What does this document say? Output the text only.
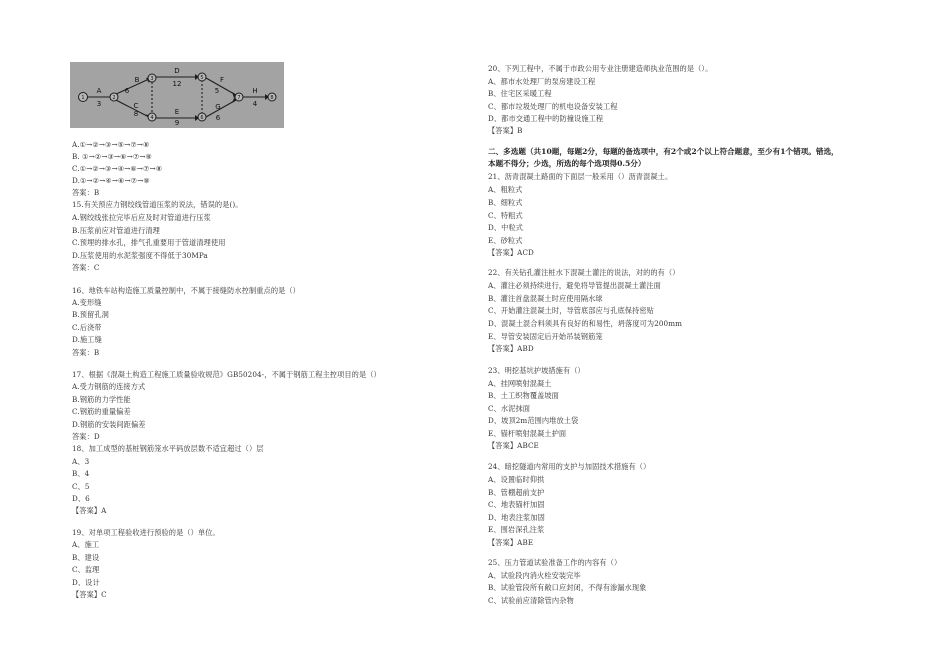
1	2
3
4
5
6
7	8
A
3
B
6
C
8
D
12
E
9
F
5
G
6
H
4
A.①→②→③→⑤→⑦→⑧
B. ①→②→③→⑥→⑦→⑧
C.①→②→③→④→⑥→⑦→⑧
D.①→②→④→⑥→⑦→⑧
答案：B
15.有关预应力钢绞线管道压浆的说法，错误的是()。
A.钢绞线张拉完毕后应及时对管道进行压浆
B.压浆前应对管道进行清理
C.预埋的排水孔，排气孔重要用于管道清理使用
D.压浆使用的水泥浆强度不得低于30MPa
答案：C
16、地铁车站构造施工质量控制中，不属于接缝防水控制重点的是（）
A.变形缝
B.预留孔洞
C.后浇带
D.施工缝
答案：B
17、根据《混凝土构造工程施工质量验收规范》GB50204-，不属于钢筋工程主控项目的是（）
A.受力钢筋的连接方式
B.钢筋的力学性能
C.钢筋的重量偏差
D.钢筋的安装间距偏差
答案：D
18、加工成型的基桩钢筋笼水平码放层数不适宜超过（）层
A、3
B、4
C、5
D、6
【答案】A
19、对单项工程验收进行预验的是（）单位。
A、施工
B、建设
C、监理
D、设计
【答案】C
20、下列工程中，不属于市政公用专业注册建造师执业范围的是（）。
A、都市水处理厂的泵房建设工程
B、住宅区采暖工程
C、都市垃圾处理厂的机电设备安装工程
D、都市交通工程中的防撞设施工程
【答案】B
二、多选题（共10题，每题2分，每题的备选项中，有2个或2个以上符合题意，至少有1个错项。错选，
本题不得分；少选，所选的每个选项得0.5分）
21、沥青混凝土路面的下面层一般采用（）沥青混凝土。
A、粗粒式
B、细粒式
C、特粗式
D、中粒式
E、砂粒式
【答案】ACD
22、有关钻孔灌注桩水下混凝土灌注的说法，对的的有（）
A、灌注必须持续进行，避免将导管提出混凝土灌注面
B、灌注首盘混凝土时应使用隔水球
C、开始灌注混凝土时，导管底部应与孔底保持密贴
D、混凝土混合料须具有良好的和易性，坍落度可为200mm
E、导管安装固定后开始吊装钢筋笼
【答案】ABD
23、明挖基坑护坡措施有（）
A、挂网喷射混凝土
B、土工织物覆盖坡面
C、水泥抹面
D、坡顶2m范围内堆放土袋
E、锚杆喷射混凝土护面
【答案】ABCE
24、暗挖隧道内常用的支护与加固技术措施有（）
A、设置临时仰拱
B、管棚超前支护
C、地表锚杆加固
D、地表注浆加固
E、围岩深孔注浆
【答案】ABE
25、压力管道试验准备工作的内容有（）
A、试验段内消火栓安装完毕
B、试验管段所有敞口应封闭，不得有渗漏水现象
C、试验前应清除管内杂物
